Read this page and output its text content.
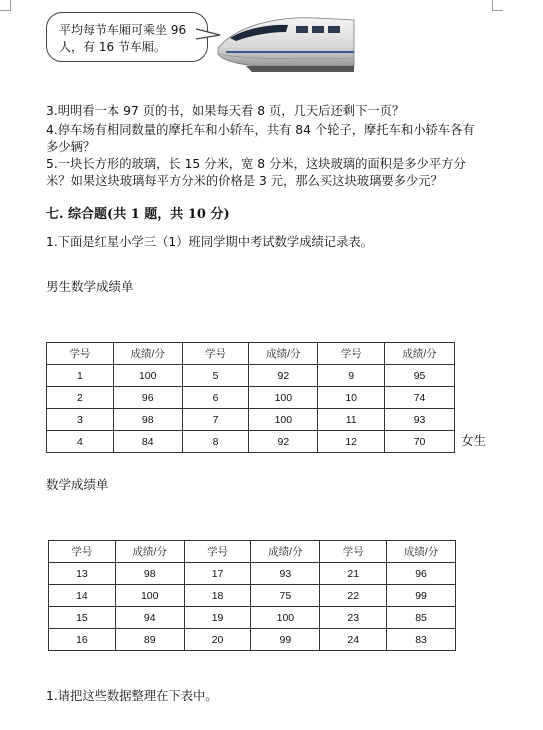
平均每节车厢可乘坐 96
人，有 16 节车厢。
3.明明看一本 97 页的书，如果每天看 8 页，几天后还剩下一页？
4.停车场有相同数量的摩托车和小轿车，共有 84 个轮子，摩托车和小轿车各有
多少辆？
5.一块长方形的玻璃，长 15 分米，宽 8 分米，这块玻璃的面积是多少平方分
米？如果这块玻璃每平方分米的价格是 3 元，那么买这块玻璃要多少元？
七. 综合题(共 1 题，共 10 分)
1.下面是红星小学三（1）班同学期中考试数学成绩记录表。
男生数学成绩单
学号	成绩/分	学号	成绩/分	学号	成绩/分
1	100	5	92	9	95
2	96	6	100	10	74
3	98	7	100	11	93
4	84	8	92	12	70	女生
数学成绩单
学号	成绩/分	学号	成绩/分	学号	成绩/分
13	98	17	93	21	96
14	100	18	75	22	99
15	94	19	100	23	85
16	89	20	99	24	83
1.请把这些数据整理在下表中。
